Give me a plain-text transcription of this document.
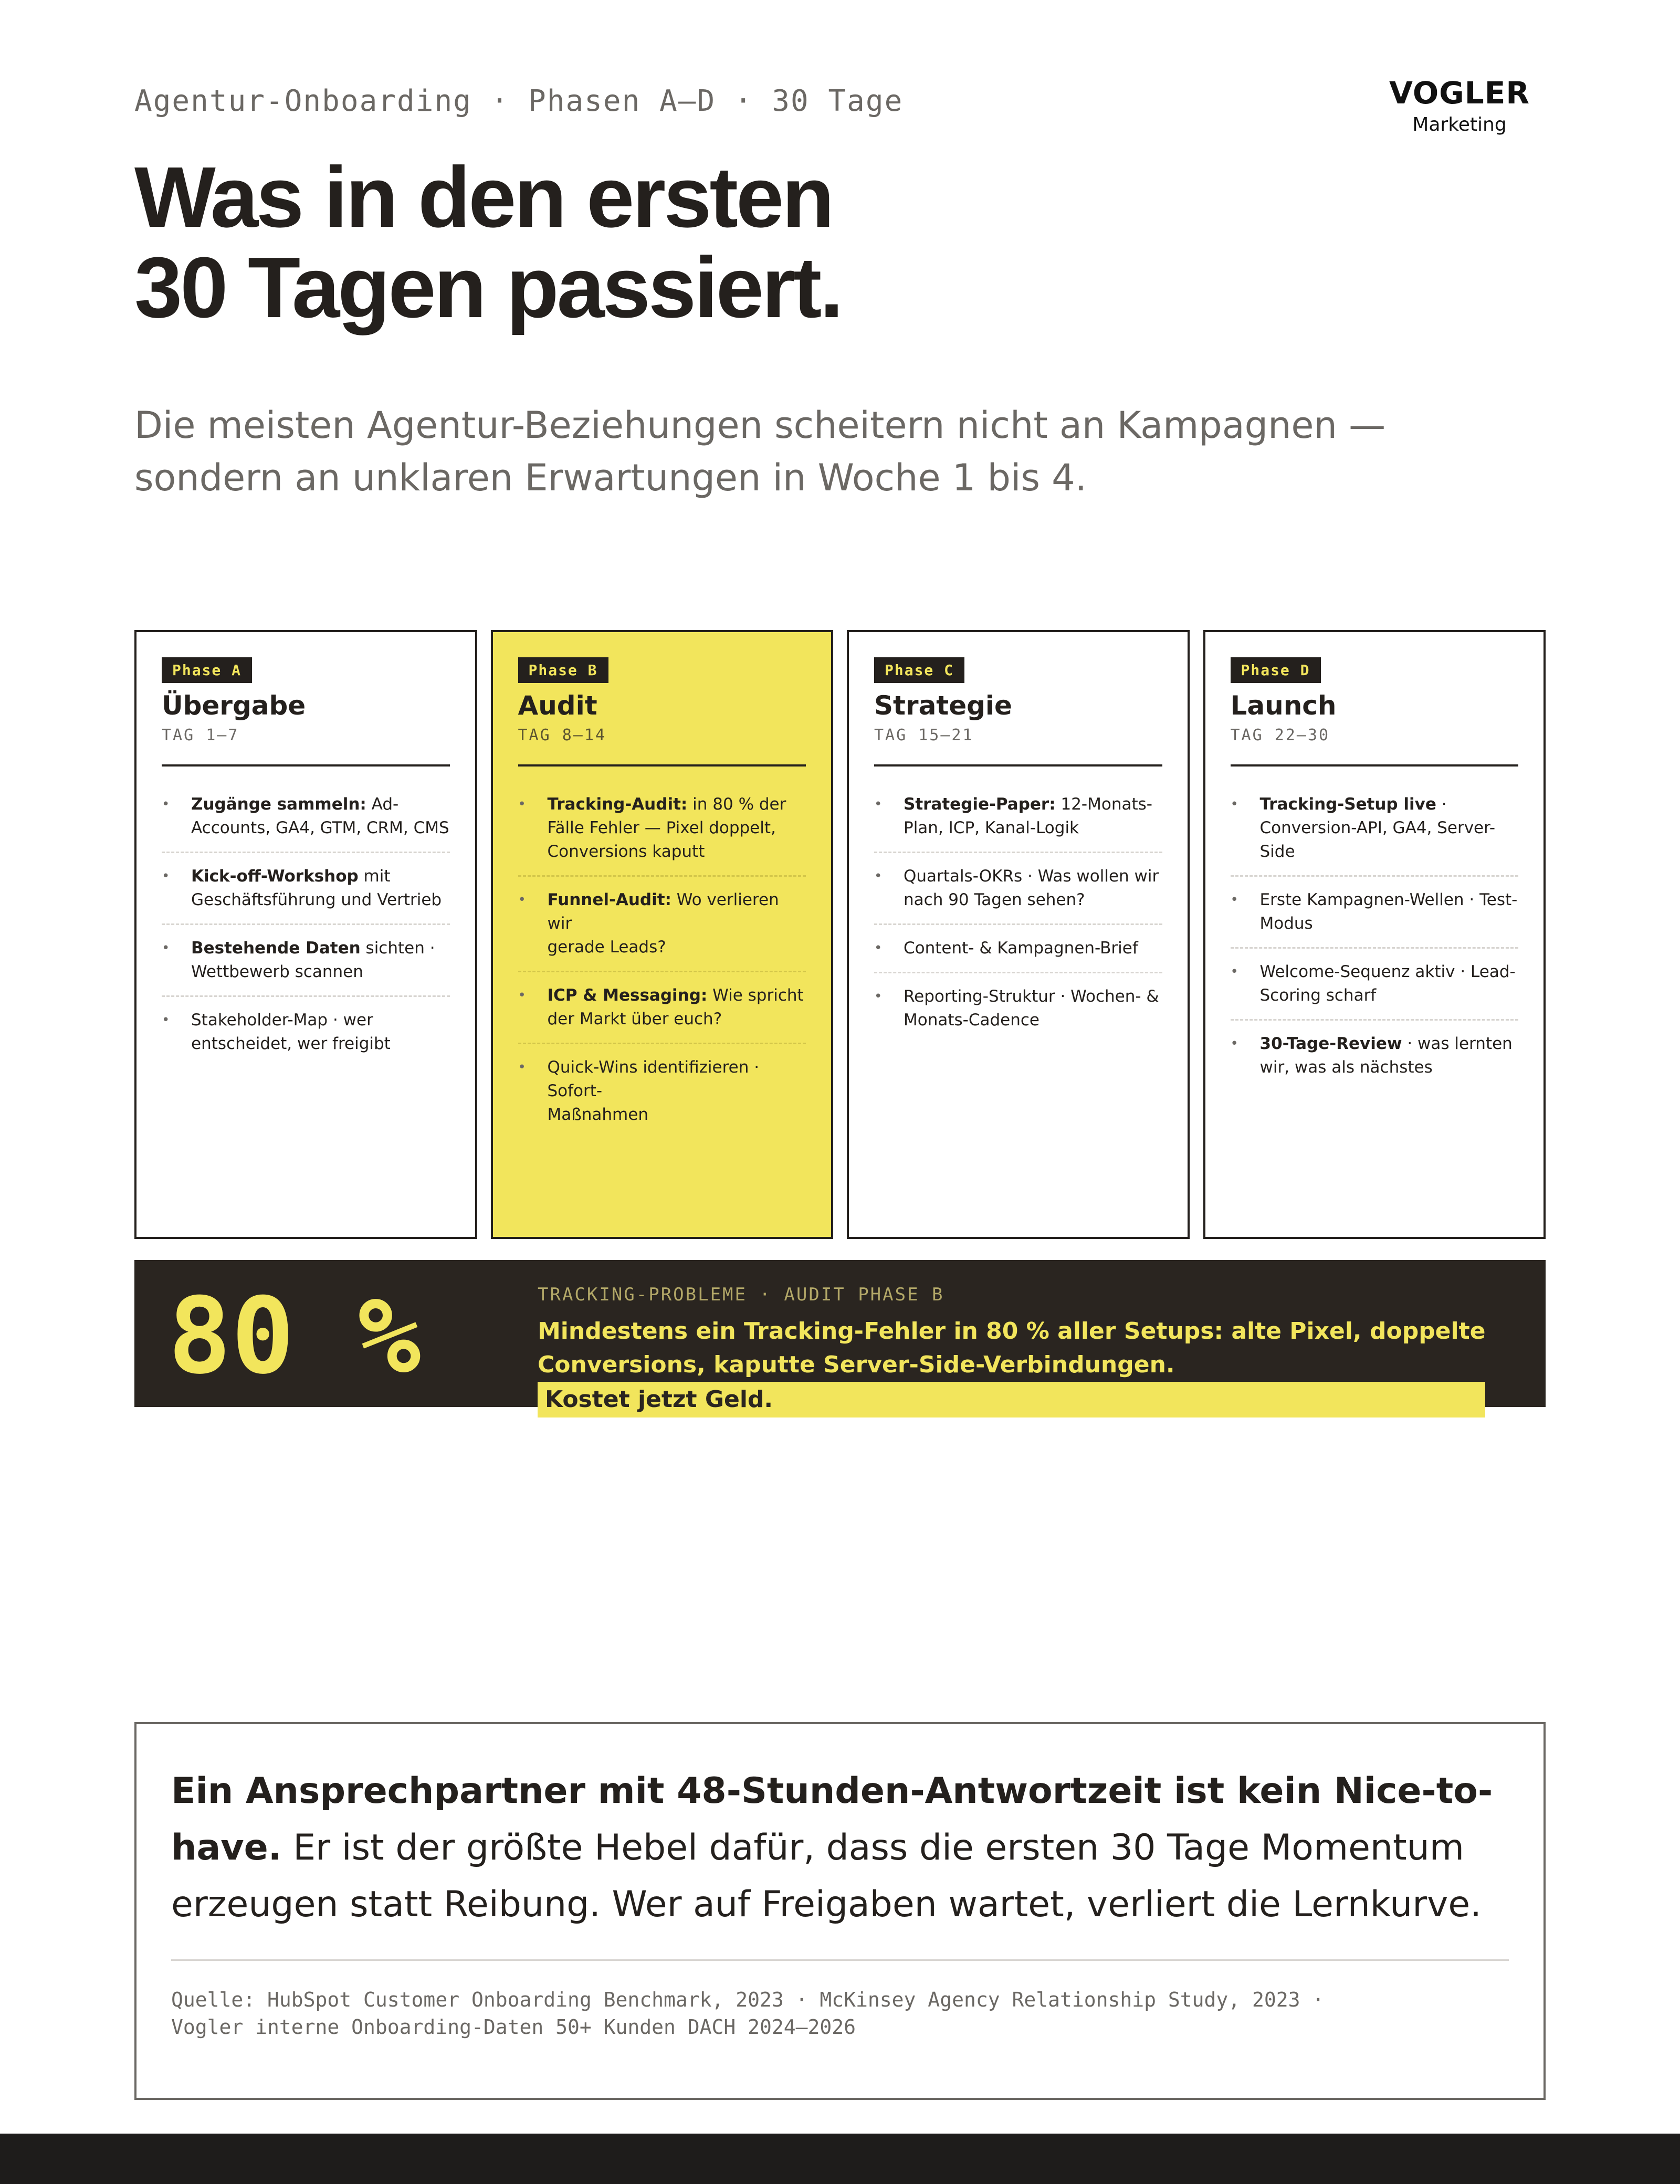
Agentur-Onboarding · Phasen A–D · 30 Tage	VOGLER
Marketing
Was in den ersten
30 Tagen passiert.

Die meisten Agentur-Beziehungen scheitern nicht an Kampagnen —
sondern an unklaren Erwartungen in Woche 1 bis 4.

Phase A
Übergabe
TAG 1–7
• Zugänge sammeln: Ad-
Accounts, GA4, GTM, CRM, CMS
• Kick-off-Workshop mit
Geschäftsführung und Vertrieb
• Bestehende Daten sichten ·
Wettbewerb scannen
• Stakeholder-Map · wer
entscheidet, wer freigibt
Phase B
Audit
TAG 8–14
• Tracking-Audit: in 80 % der
Fälle Fehler — Pixel doppelt,
Conversions kaputt
• Funnel-Audit: Wo verlieren wir
gerade Leads?
• ICP & Messaging: Wie spricht
der Markt über euch?
• Quick-Wins identifizieren · Sofort-
Maßnahmen
Phase C
Strategie
TAG 15–21
• Strategie-Paper: 12-Monats-
Plan, ICP, Kanal-Logik
• Quartals-OKRs · Was wollen wir
nach 90 Tagen sehen?
• Content- & Kampagnen-Brief
• Reporting-Struktur · Wochen- &
Monats-Cadence
Phase D
Launch
TAG 22–30
• Tracking-Setup live ·
Conversion-API, GA4, Server-Side
• Erste Kampagnen-Wellen · Test-
Modus
• Welcome-Sequenz aktiv · Lead-
Scoring scharf
• 30-Tage-Review · was lernten
wir, was als nächstes
80 %	TRACKING-PROBLEME · AUDIT PHASE B
Mindestens ein Tracking-Fehler in 80 % aller Setups: alte Pixel, doppelte
Conversions, kaputte Server-Side-Verbindungen.
Kostet jetzt Geld.
Ein Ansprechpartner mit 48-Stunden-Antwortzeit ist kein Nice-to-
have. Er ist der größte Hebel dafür, dass die ersten 30 Tage Momentum
erzeugen statt Reibung. Wer auf Freigaben wartet, verliert die Lernkurve.
Quelle: HubSpot Customer Onboarding Benchmark, 2023 · McKinsey Agency Relationship Study, 2023 ·
Vogler interne Onboarding-Daten 50+ Kunden DACH 2024–2026
